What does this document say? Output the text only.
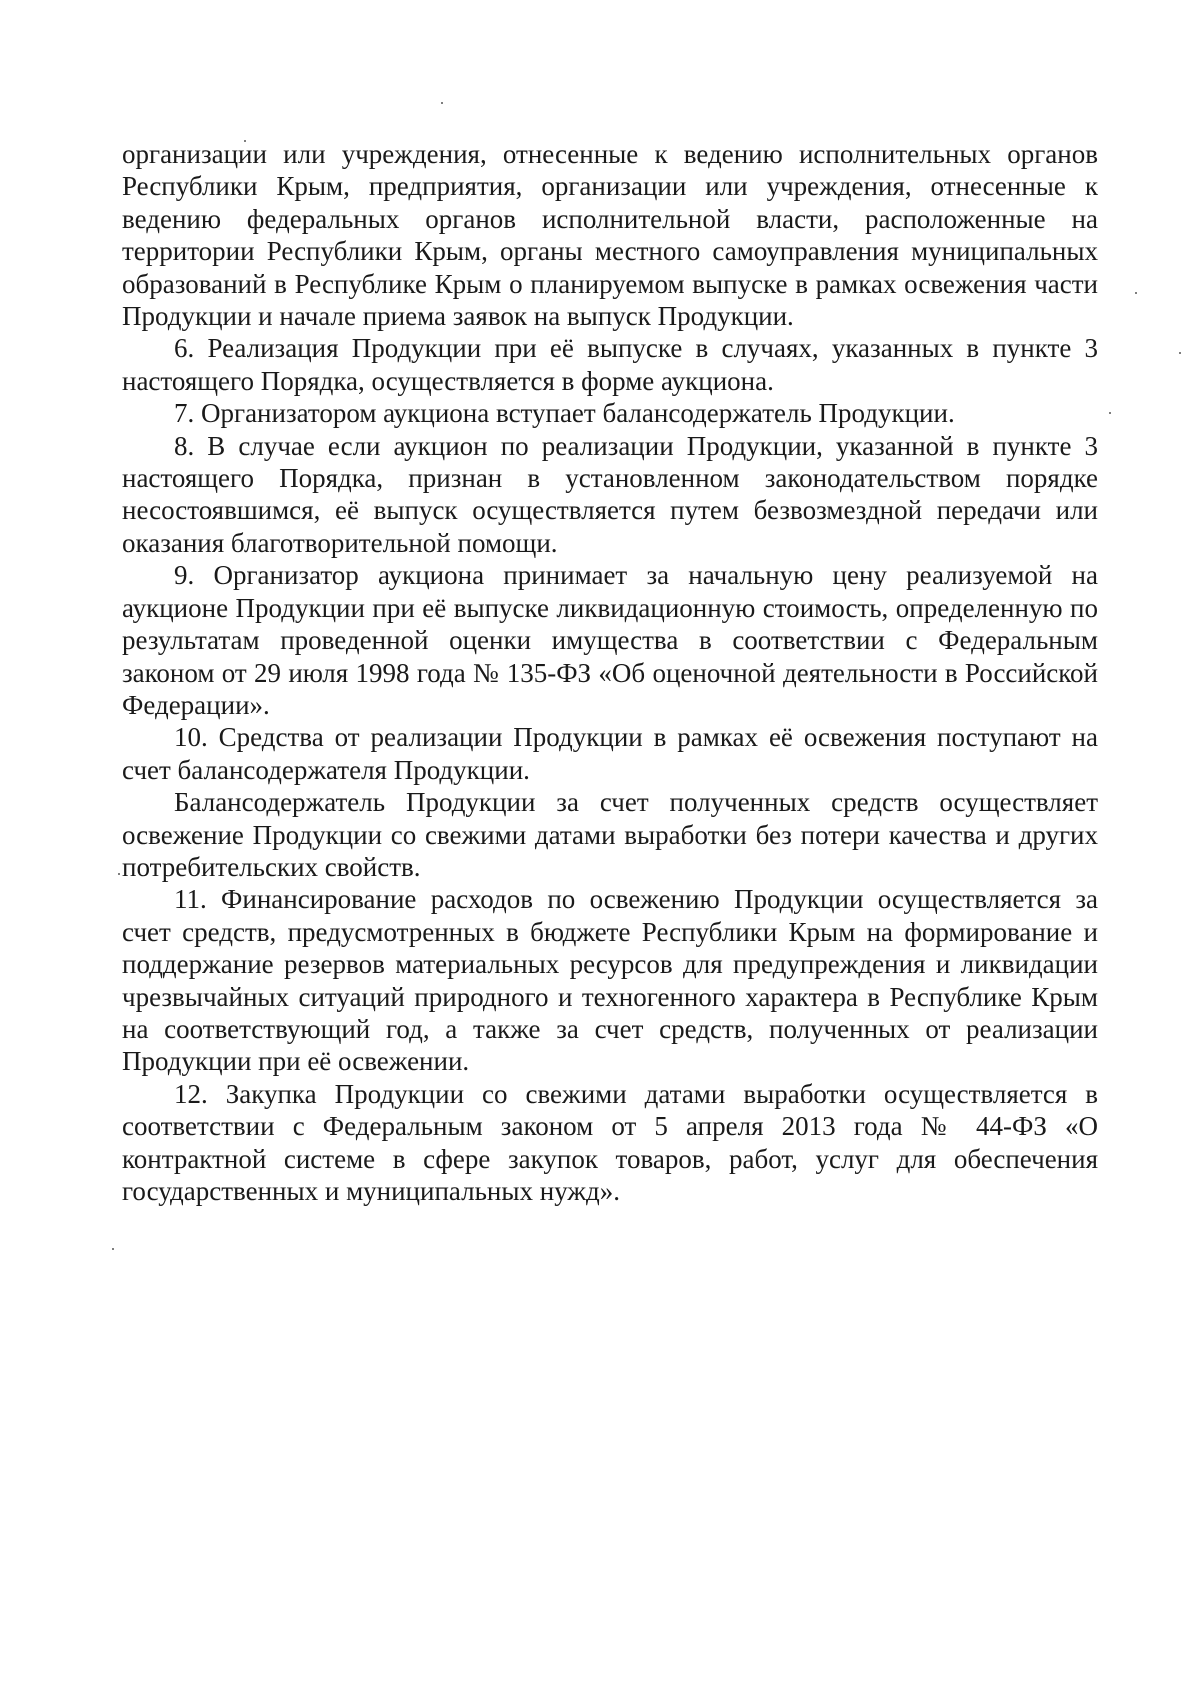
организации или учреждения, отнесенные к ведению исполнительных органов Республики Крым, предприятия, организации или учреждения, отнесенные к ведению федеральных органов исполнительной власти, расположенные на территории Республики Крым, органы местного самоуправления муниципальных образований в Республике Крым о планируемом выпуске в рамках освежения части Продукции и начале приема заявок на выпуск Продукции.

6. Реализация Продукции при её выпуске в случаях, указанных в пункте 3 настоящего Порядка, осуществляется в форме аукциона.

7. Организатором аукциона вступает балансодержатель Продукции.

8. В случае если аукцион по реализации Продукции, указанной в пункте 3 настоящего Порядка, признан в установленном законодательством порядке несостоявшимся, её выпуск осуществляется путем безвозмездной передачи или оказания благотворительной помощи.

9. Организатор аукциона принимает за начальную цену реализуемой на аукционе Продукции при её выпуске ликвидационную стоимость, определенную по результатам проведенной оценки имущества в соответствии с Федеральным законом от 29 июля 1998 года № 135-ФЗ «Об оценочной деятельности в Российской Федерации».

10. Средства от реализации Продукции в рамках её освежения поступают на счет балансодержателя Продукции.

Балансодержатель Продукции за счет полученных средств осуществляет освежение Продукции со свежими датами выработки без потери качества и других потребительских свойств.

11. Финансирование расходов по освежению Продукции осуществляется за счет средств, предусмотренных в бюджете Республики Крым на формирование и поддержание резервов материальных ресурсов для предупреждения и ликвидации чрезвычайных ситуаций природного и техногенного характера в Республике Крым на соответствующий год, а также за счет средств, полученных от реализации Продукции при её освежении.

12. Закупка Продукции со свежими датами выработки осуществляется в соответствии с Федеральным законом от 5 апреля 2013 года № 44-ФЗ «О контрактной системе в сфере закупок товаров, работ, услуг для обеспечения государственных и муниципальных нужд».
